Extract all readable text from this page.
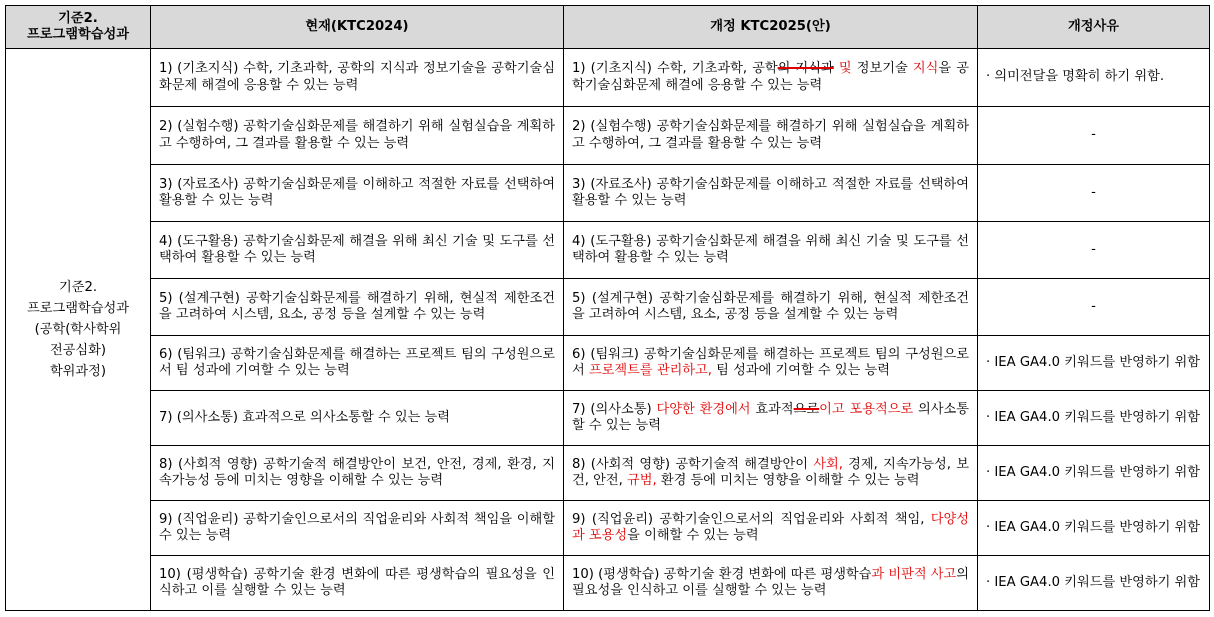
기준2.
프로그램학습성과	현재(KTC2024)	개정 KTC2025(안)	개정사유
기준2.
프로그램학습성과
(공학(학사학위
전공심화)
학위과정)	1) (기초지식) 수학, 기초과학, 공학의 지식과 정보기술을 공학기술심화문제 해결에 응용할 수 있는 능력	1) (기초지식) 수학, 기초과학, 공학의 지식과 및 정보기술 지식을 공학기술심화문제 해결에 응용할 수 있는 능력	· 의미전달을 명확히 하기 위함.
	2) (실험수행) 공학기술심화문제를 해결하기 위해 실험실습을 계획하고 수행하여, 그 결과를 활용할 수 있는 능력	2) (실험수행) 공학기술심화문제를 해결하기 위해 실험실습을 계획하고 수행하여, 그 결과를 활용할 수 있는 능력	-
	3) (자료조사) 공학기술심화문제를 이해하고 적절한 자료를 선택하여 활용할 수 있는 능력	3) (자료조사) 공학기술심화문제를 이해하고 적절한 자료를 선택하여 활용할 수 있는 능력	-
	4) (도구활용) 공학기술심화문제 해결을 위해 최신 기술 및 도구를 선택하여 활용할 수 있는 능력	4) (도구활용) 공학기술심화문제 해결을 위해 최신 기술 및 도구를 선택하여 활용할 수 있는 능력	-
	5) (설계구현) 공학기술심화문제를 해결하기 위해, 현실적 제한조건을 고려하여 시스템, 요소, 공정 등을 설계할 수 있는 능력	5) (설계구현) 공학기술심화문제를 해결하기 위해, 현실적 제한조건을 고려하여 시스템, 요소, 공정 등을 설계할 수 있는 능력	-
	6) (팀워크) 공학기술심화문제를 해결하는 프로젝트 팀의 구성원으로서 팀 성과에 기여할 수 있는 능력	6) (팀워크) 공학기술심화문제를 해결하는 프로젝트 팀의 구성원으로서 프로젝트를 관리하고, 팀 성과에 기여할 수 있는 능력	· IEA GA4.0 키워드를 반영하기 위함
	7) (의사소통) 효과적으로 의사소통할 수 있는 능력	7) (의사소통) 다양한 환경에서 효과적으로이고 포용적으로 의사소통할 수 있는 능력	· IEA GA4.0 키워드를 반영하기 위함
	8) (사회적 영향) 공학기술적 해결방안이 보건, 안전, 경제, 환경, 지속가능성 등에 미치는 영향을 이해할 수 있는 능력	8) (사회적 영향) 공학기술적 해결방안이 사회, 경제, 지속가능성, 보건, 안전, 규범, 환경 등에 미치는 영향을 이해할 수 있는 능력	· IEA GA4.0 키워드를 반영하기 위함
	9) (직업윤리) 공학기술인으로서의 직업윤리와 사회적 책임을 이해할 수 있는 능력	9) (직업윤리) 공학기술인으로서의 직업윤리와 사회적 책임, 다양성과 포용성을 이해할 수 있는 능력	· IEA GA4.0 키워드를 반영하기 위함
	10) (평생학습) 공학기술 환경 변화에 따른 평생학습의 필요성을 인식하고 이를 실행할 수 있는 능력	10) (평생학습) 공학기술 환경 변화에 따른 평생학습과 비판적 사고의 필요성을 인식하고 이를 실행할 수 있는 능력	· IEA GA4.0 키워드를 반영하기 위함
